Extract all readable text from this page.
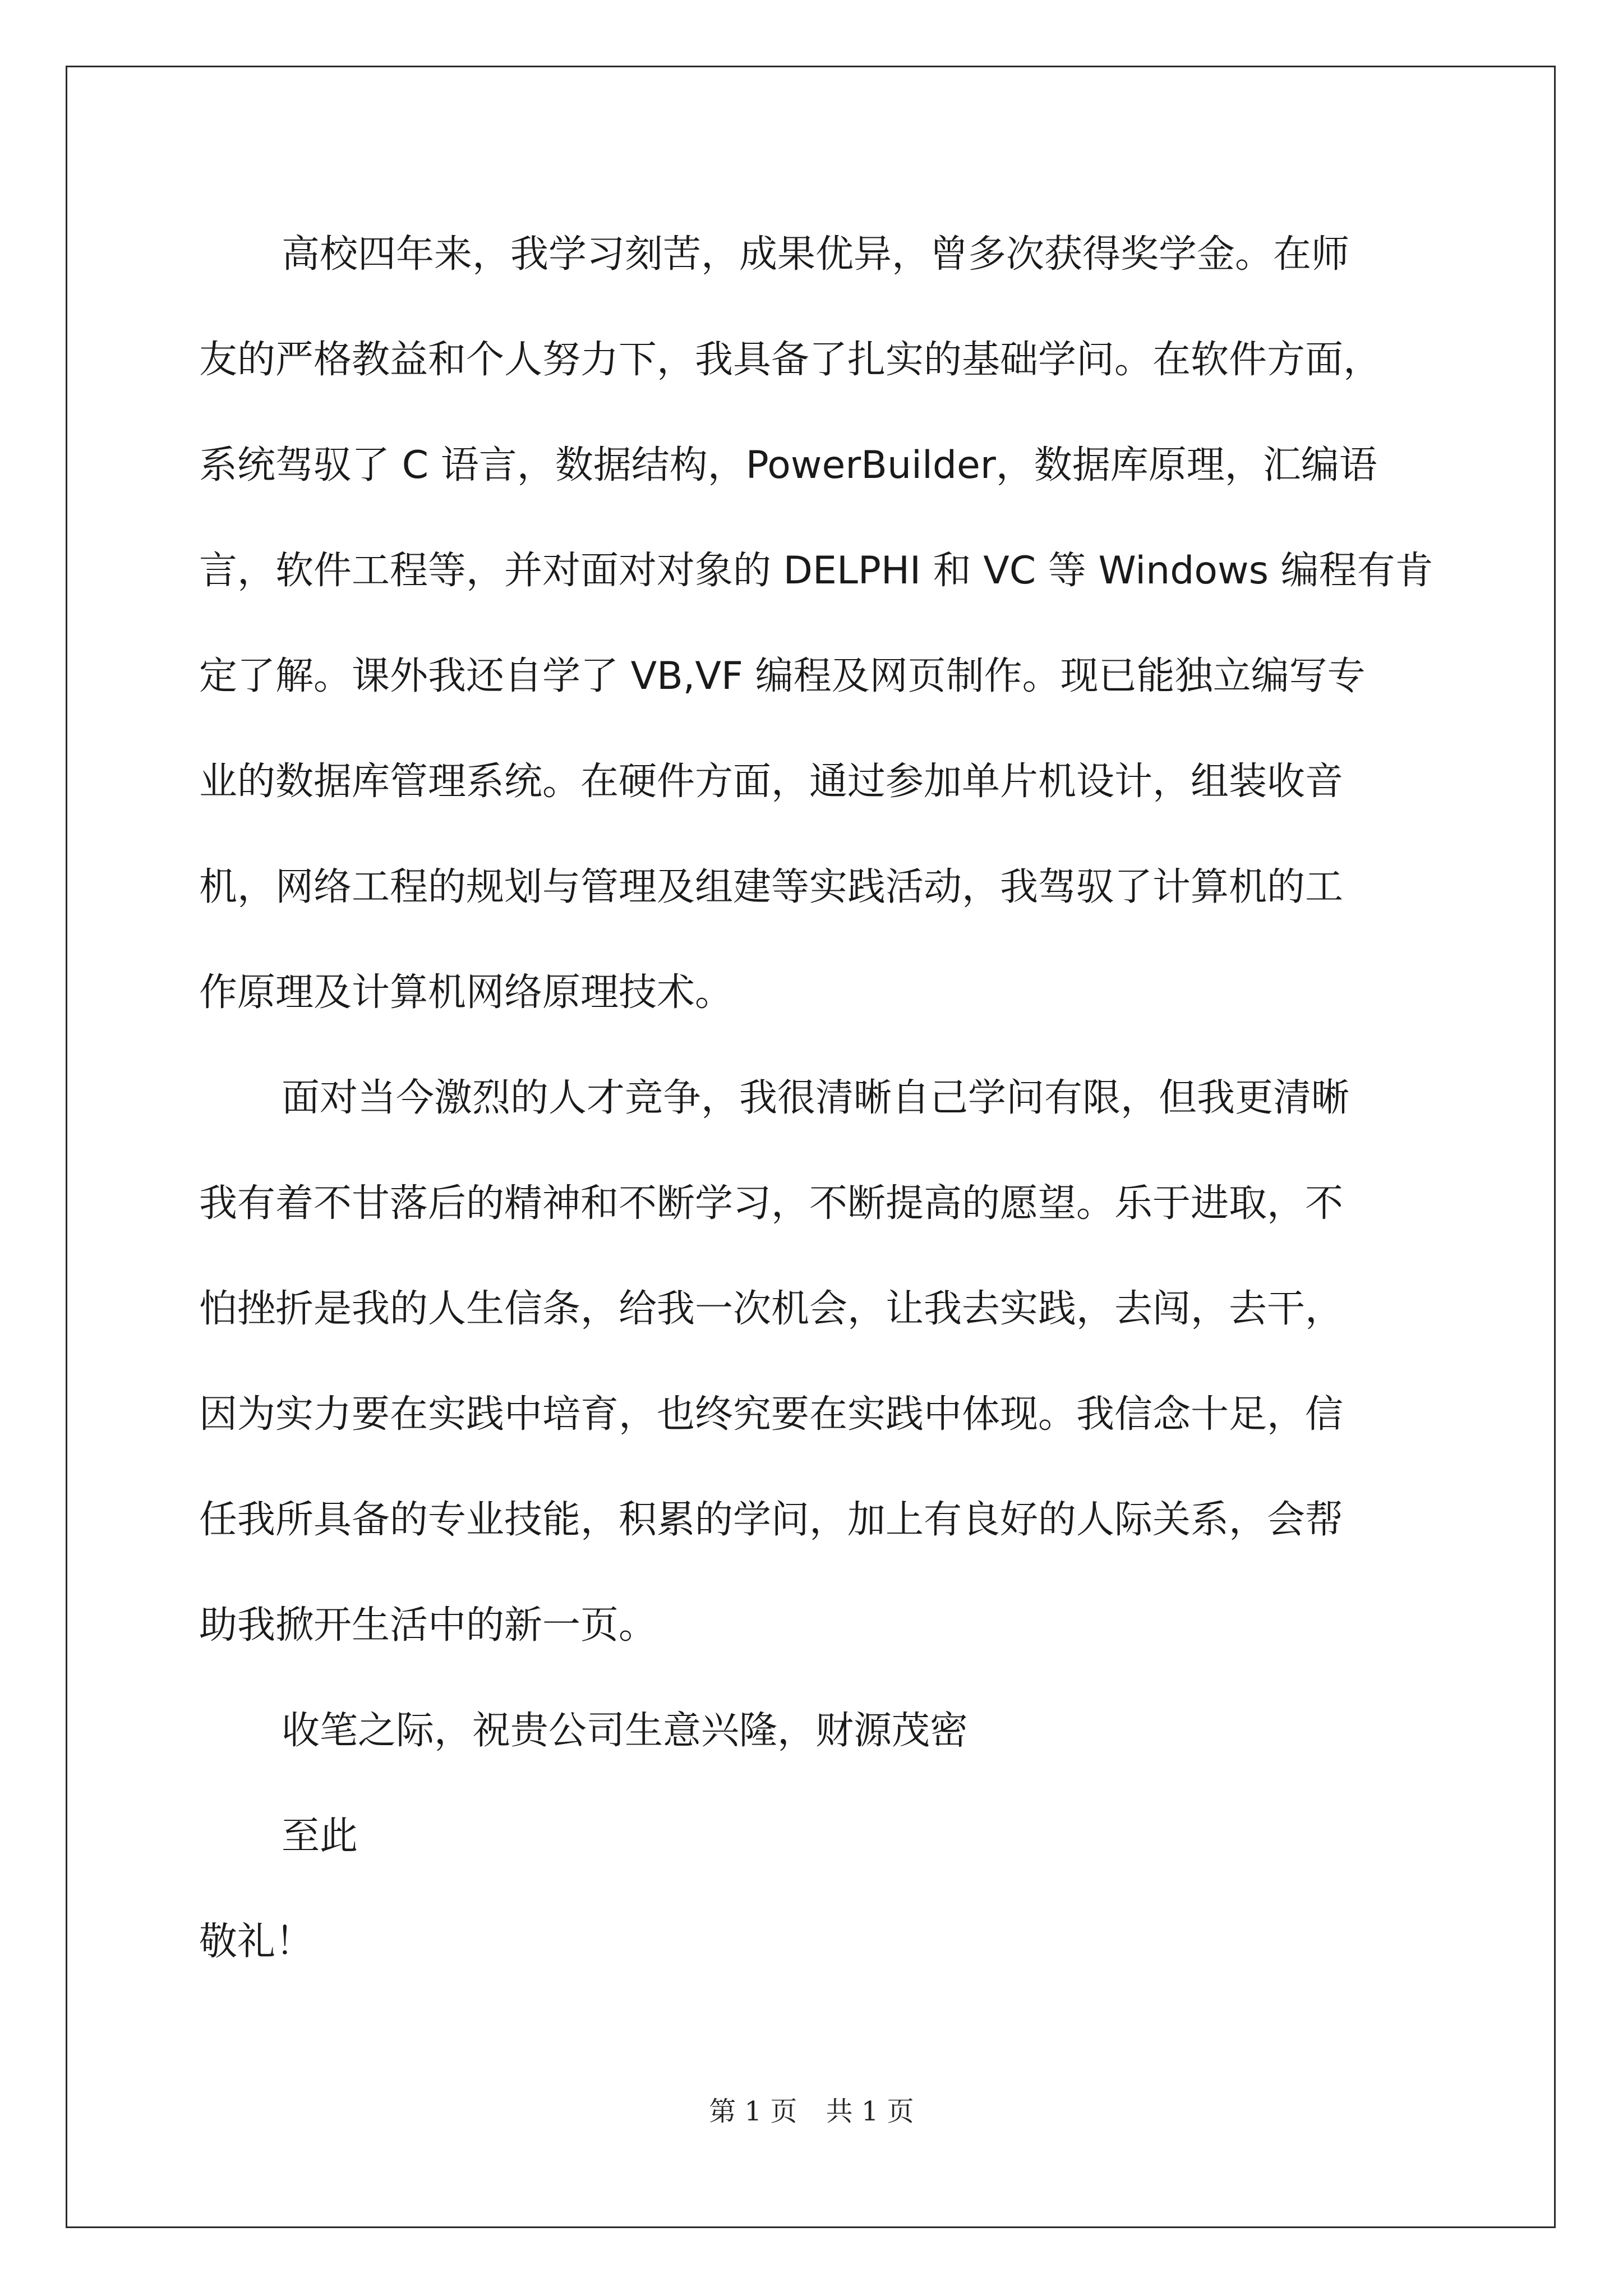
高校四年来，我学习刻苦，成果优异，曾多次获得奖学金。在师
友的严格教益和个人努力下，我具备了扎实的基础学问。在软件方面，
系统驾驭了 C 语言，数据结构，PowerBuilder，数据库原理，汇编语
言，软件工程等，并对面对对象的 DELPHI 和 VC 等 Windows 编程有肯
定了解。课外我还自学了 VB,VF 编程及网页制作。现已能独立编写专
业的数据库管理系统。在硬件方面，通过参加单片机设计，组装收音
机，网络工程的规划与管理及组建等实践活动，我驾驭了计算机的工
作原理及计算机网络原理技术。
面对当今激烈的人才竞争，我很清晰自己学问有限，但我更清晰
我有着不甘落后的精神和不断学习，不断提高的愿望。乐于进取，不
怕挫折是我的人生信条，给我一次机会，让我去实践，去闯，去干，
因为实力要在实践中培育，也终究要在实践中体现。我信念十足，信
任我所具备的专业技能，积累的学问，加上有良好的人际关系，会帮
助我掀开生活中的新一页。
收笔之际，祝贵公司生意兴隆，财源茂密
至此
敬礼！
第 1 页 共 1 页
